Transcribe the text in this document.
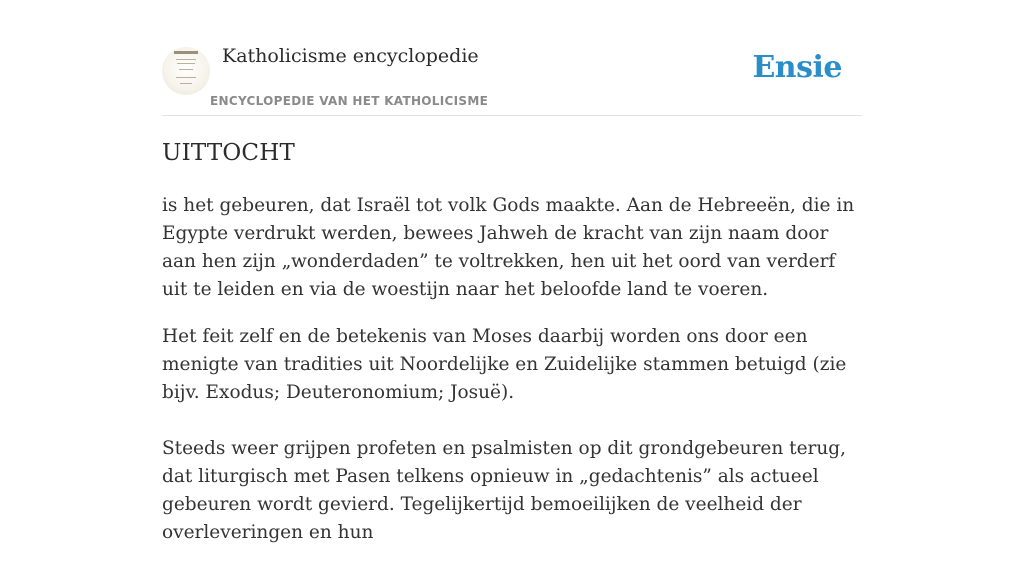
Katholicisme encyclopedie
ENCYCLOPEDIE VAN HET KATHOLICISME
Ensie
UITTOCHT

is het gebeuren, dat Israël tot volk Gods maakte. Aan de Hebreeën, die in Egypte verdrukt werden, bewees Jahweh de kracht van zijn naam door aan hen zijn „wonderdaden” te voltrekken, hen uit het oord van verderf uit te leiden en via de woestijn naar het beloofde land te voeren.

Het feit zelf en de betekenis van Moses daarbij worden ons door een menigte van tradities uit Noordelijke en Zuidelijke stammen betuigd (zie bijv. Exodus; Deuteronomium; Josuë).

Steeds weer grijpen profeten en psalmisten op dit grondgebeuren terug, dat liturgisch met Pasen telkens opnieuw in „gedachtenis” als actueel gebeuren wordt gevierd. Tegelijkertijd bemoeilijken de veelheid der overleveringen en hun
